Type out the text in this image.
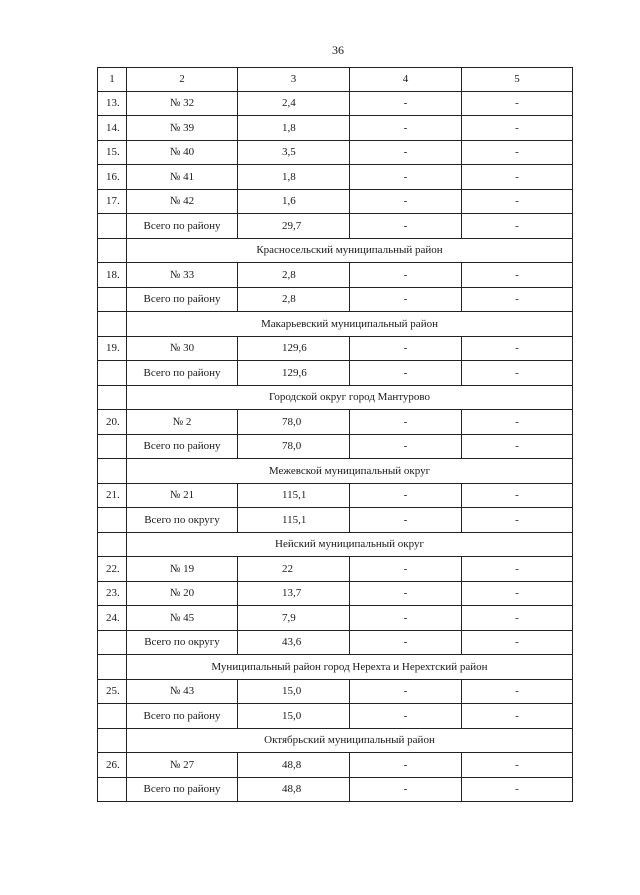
36
1	2	3	4	5
13.	№ 32	2,4	-	-
14.	№ 39	1,8	-	-
15.	№ 40	3,5	-	-
16.	№ 41	1,8	-	-
17.	№ 42	1,6	-	-
	Всего по району	29,7	-	-
	Красносельский муниципальный район			
18.	№ 33	2,8	-	-
	Всего по району	2,8	-	-
	Макарьевский муниципальный район			
19.	№ 30	129,6	-	-
	Всего по району	129,6	-	-
	Городской округ город Мантурово			
20.	№ 2	78,0	-	-
	Всего по району	78,0	-	-
	Межевской муниципальный округ			
21.	№ 21	115,1	-	-
	Всего по округу	115,1	-	-
	Нейский муниципальный округ			
22.	№ 19	22	-	-
23.	№ 20	13,7	-	-
24.	№ 45	7,9	-	-
	Всего по округу	43,6	-	-
	Муниципальный район город Нерехта и Нерехтский район			
25.	№ 43	15,0	-	-
	Всего по району	15,0	-	-
	Октябрьский муниципальный район			
26.	№ 27	48,8	-	-
	Всего по району	48,8	-	-
